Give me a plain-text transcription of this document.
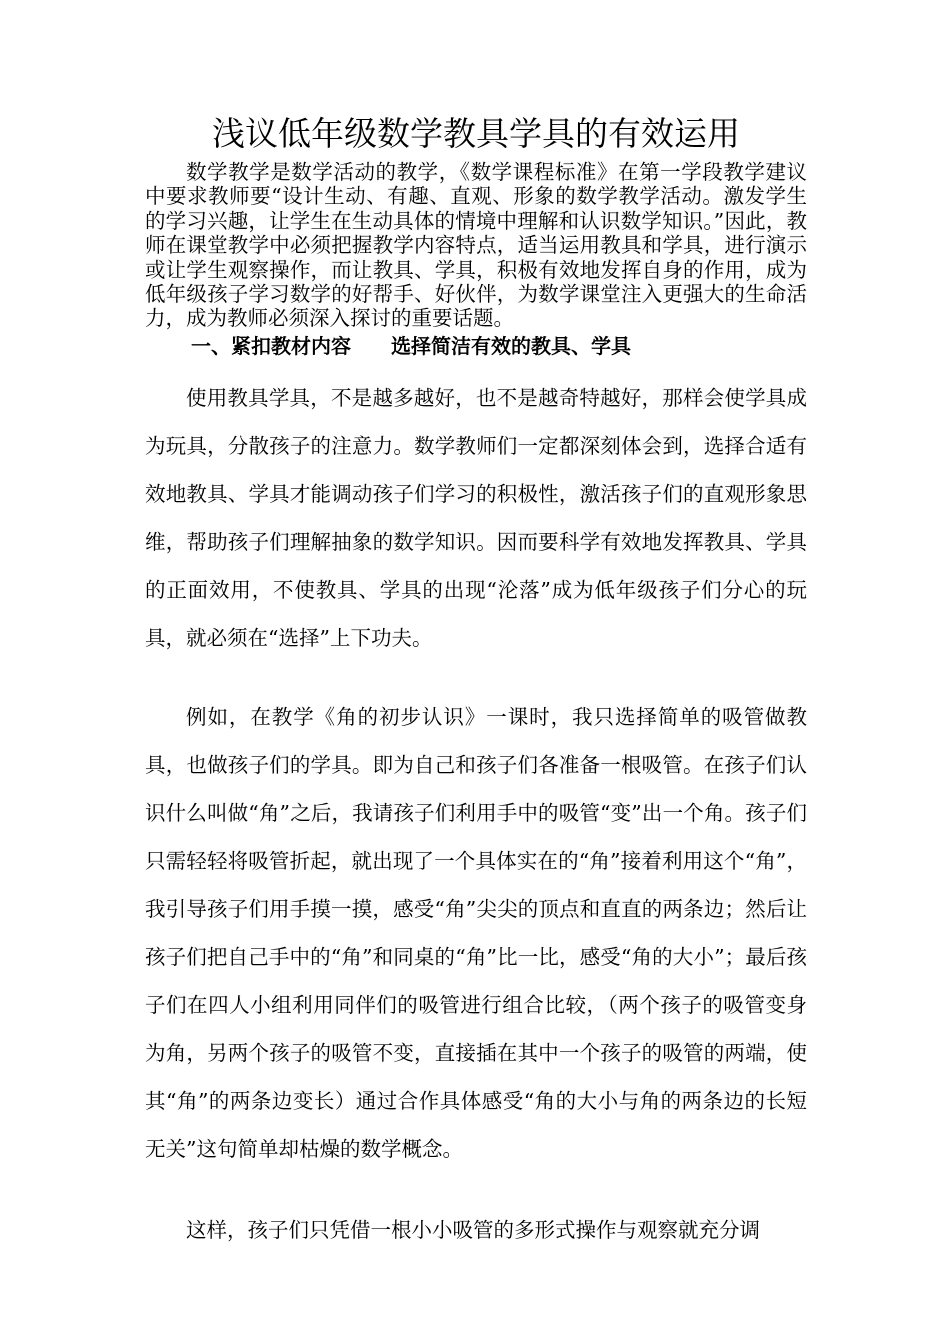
浅议低年级数学教具学具的有效运用

数学教学是数学活动的教学，《数学课程标准》在第一学段教学建议中要求教师要“设计生动、有趣、直观、形象的数学教学活动。激发学生的学习兴趣，让学生在生动具体的情境中理解和认识数学知识。”因此，教师在课堂教学中必须把握教学内容特点，适当运用教具和学具，进行演示或让学生观察操作，而让教具、学具，积极有效地发挥自身的作用，成为低年级孩子学习数学的好帮手、好伙伴，为数学课堂注入更强大的生命活力，成为教师必须深入探讨的重要话题。

一、紧扣教材内容　　选择简洁有效的教具、学具

使用教具学具，不是越多越好，也不是越奇特越好，那样会使学具成为玩具，分散孩子的注意力。数学教师们一定都深刻体会到，选择合适有效地教具、学具才能调动孩子们学习的积极性，激活孩子们的直观形象思维，帮助孩子们理解抽象的数学知识。因而要科学有效地发挥教具、学具的正面效用，不使教具、学具的出现“沦落”成为低年级孩子们分心的玩具，就必须在“选择”上下功夫。

例如，在教学《角的初步认识》一课时，我只选择简单的吸管做教具，也做孩子们的学具。即为自己和孩子们各准备一根吸管。在孩子们认识什么叫做“角”之后，我请孩子们利用手中的吸管“变”出一个角。孩子们只需轻轻将吸管折起，就出现了一个具体实在的“角”接着利用这个“角”，我引导孩子们用手摸一摸，感受“角”尖尖的顶点和直直的两条边；然后让孩子们把自己手中的“角”和同桌的“角”比一比，感受“角的大小”；最后孩子们在四人小组利用同伴们的吸管进行组合比较，（两个孩子的吸管变身为角，另两个孩子的吸管不变，直接插在其中一个孩子的吸管的两端，使其“角”的两条边变长）通过合作具体感受“角的大小与角的两条边的长短无关”这句简单却枯燥的数学概念。

这样，孩子们只凭借一根小小吸管的多形式操作与观察就充分调
